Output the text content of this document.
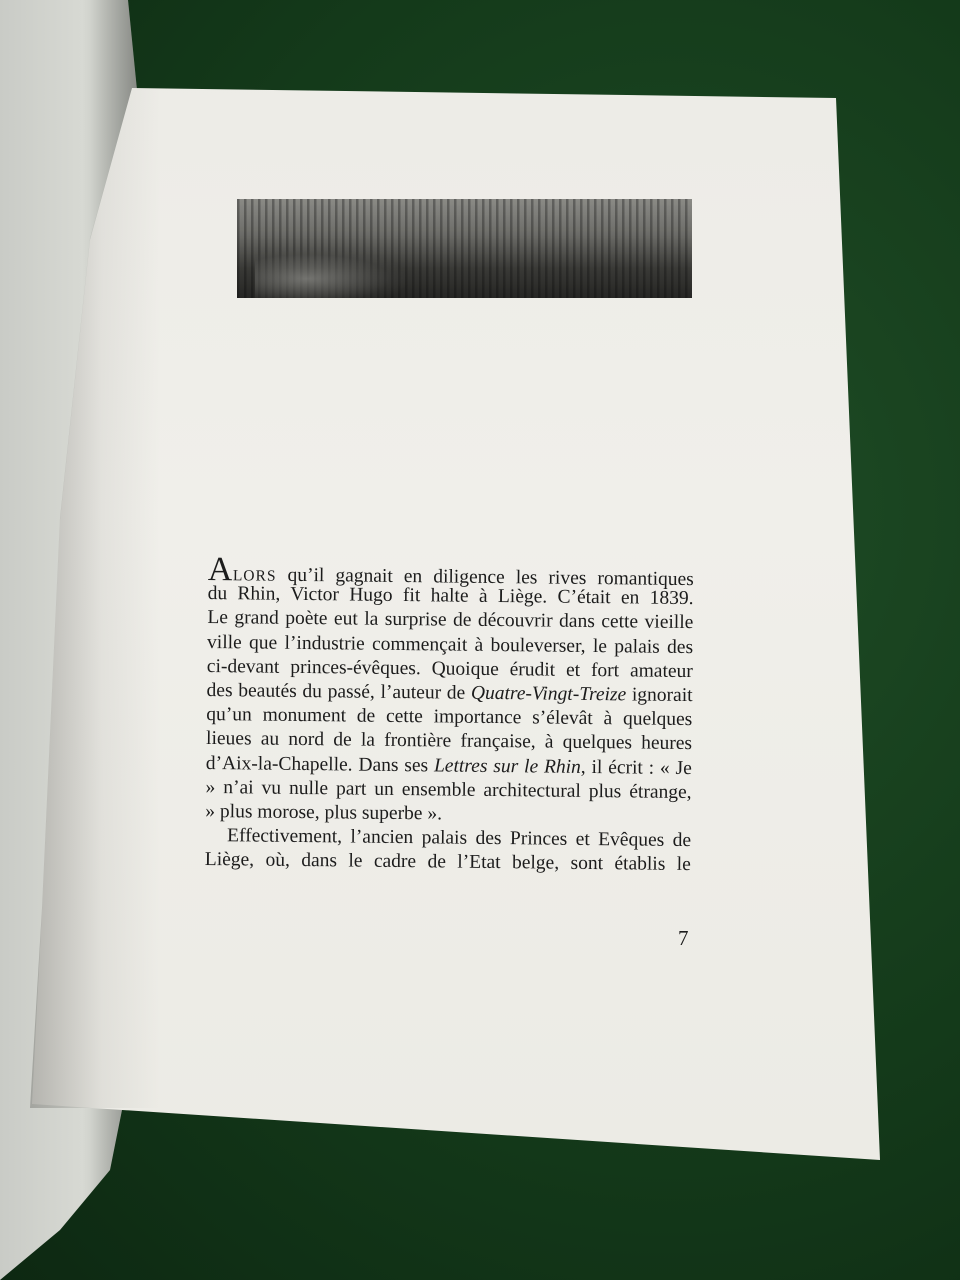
ALORS qu’il gagnait en diligence les rives romantiques
du Rhin, Victor Hugo fit halte à Liège. C’était en 1839.
Le grand poète eut la surprise de découvrir dans cette vieille
ville que l’industrie commençait à bouleverser, le palais des
ci-devant princes-évêques. Quoique érudit et fort amateur
des beautés du passé, l’auteur de Quatre-Vingt-Treize ignorait
qu’un monument de cette importance s’élevât à quelques
lieues au nord de la frontière française, à quelques heures
d’Aix-la-Chapelle. Dans ses Lettres sur le Rhin, il écrit : « Je
» n’ai vu nulle part un ensemble architectural plus étrange,
» plus morose, plus superbe ».
Effectivement, l’ancien palais des Princes et Evêques de
Liège, où, dans le cadre de l’Etat belge, sont établis le
7
